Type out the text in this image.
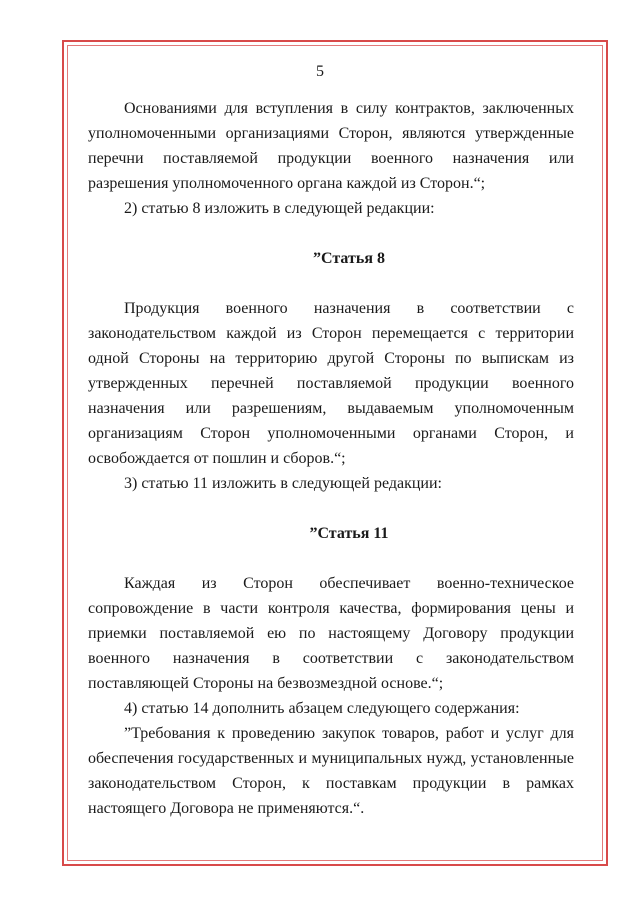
5

Основаниями для вступления в силу контрактов, заключенных уполномоченными организациями Сторон, являются утвержденные перечни поставляемой продукции военного назначения или разрешения уполномоченного органа каждой из Сторон.“;

2) статью 8 изложить в следующей редакции:

”Статья 8

Продукция военного назначения в соответствии с законодательством каждой из Сторон перемещается с территории одной Стороны на территорию другой Стороны по выпискам из утвержденных перечней поставляемой продукции военного назначения или разрешениям, выдаваемым уполномоченным организациям Сторон уполномоченными органами Сторон, и освобождается от пошлин и сборов.“;

3) статью 11 изложить в следующей редакции:

”Статья 11

Каждая из Сторон обеспечивает военно-техническое сопровождение в части контроля качества, формирования цены и приемки поставляемой ею по настоящему Договору продукции военного назначения в соответствии с законодательством поставляющей Стороны на безвозмездной основе.“;

4) статью 14 дополнить абзацем следующего содержания:

”Требования к проведению закупок товаров, работ и услуг для обеспечения государственных и муниципальных нужд, установленные законодательством Сторон, к поставкам продукции в рамках настоящего Договора не применяются.“.
